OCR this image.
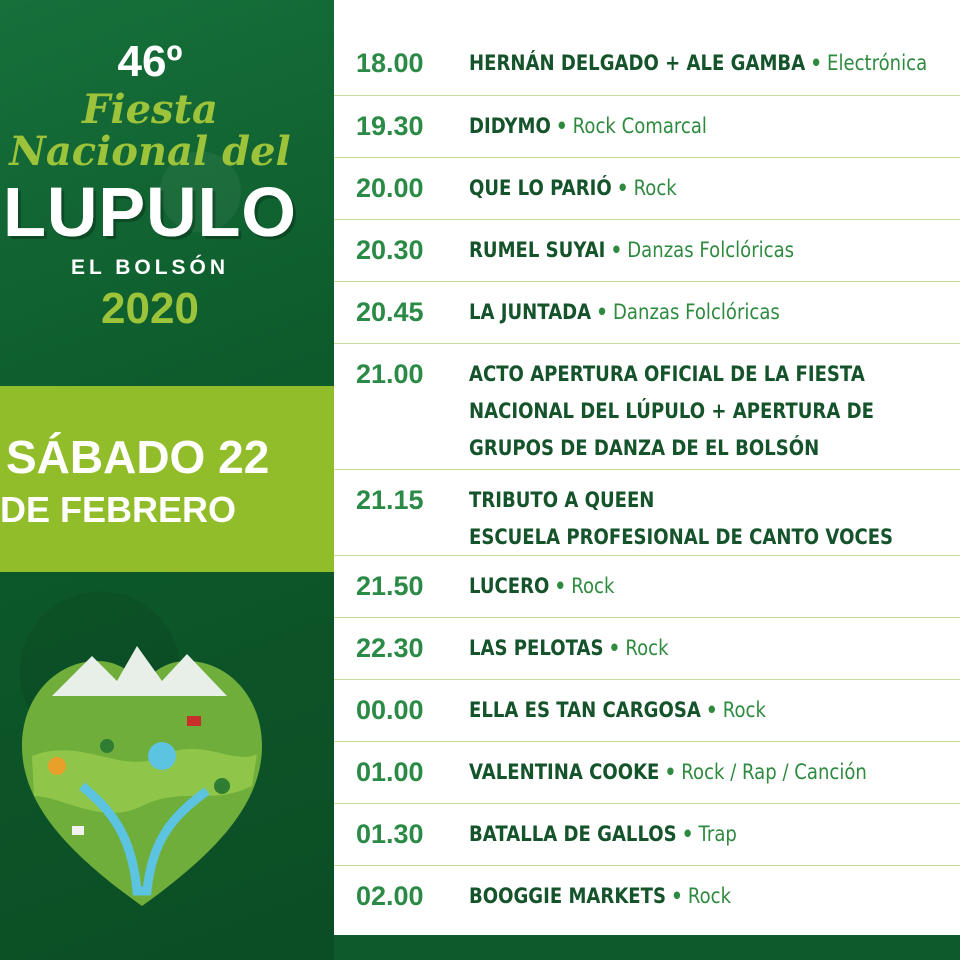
46º
Fiesta
Nacional del
LUPULO
EL BOLSÓN
2020
SÁBADO 22
DE FEBRERO
18.00 HERNÁN DELGADO + ALE GAMBA • Electrónica
19.30 DIDYMO • Rock Comarcal
20.00 QUE LO PARIÓ • Rock
20.30 RUMEL SUYAI • Danzas Folclóricas
20.45 LA JUNTADA • Danzas Folclóricas
21.00 ACTO APERTURA OFICIAL DE LA FIESTA
NACIONAL DEL LÚPULO + APERTURA DE
GRUPOS DE DANZA DE EL BOLSÓN
21.15 TRIBUTO A QUEEN
ESCUELA PROFESIONAL DE CANTO VOCES
21.50 LUCERO • Rock
22.30 LAS PELOTAS • Rock
00.00 ELLA ES TAN CARGOSA • Rock
01.00 VALENTINA COOKE • Rock / Rap / Canción
01.30 BATALLA DE GALLOS • Trap
02.00 BOOGGIE MARKETS • Rock
